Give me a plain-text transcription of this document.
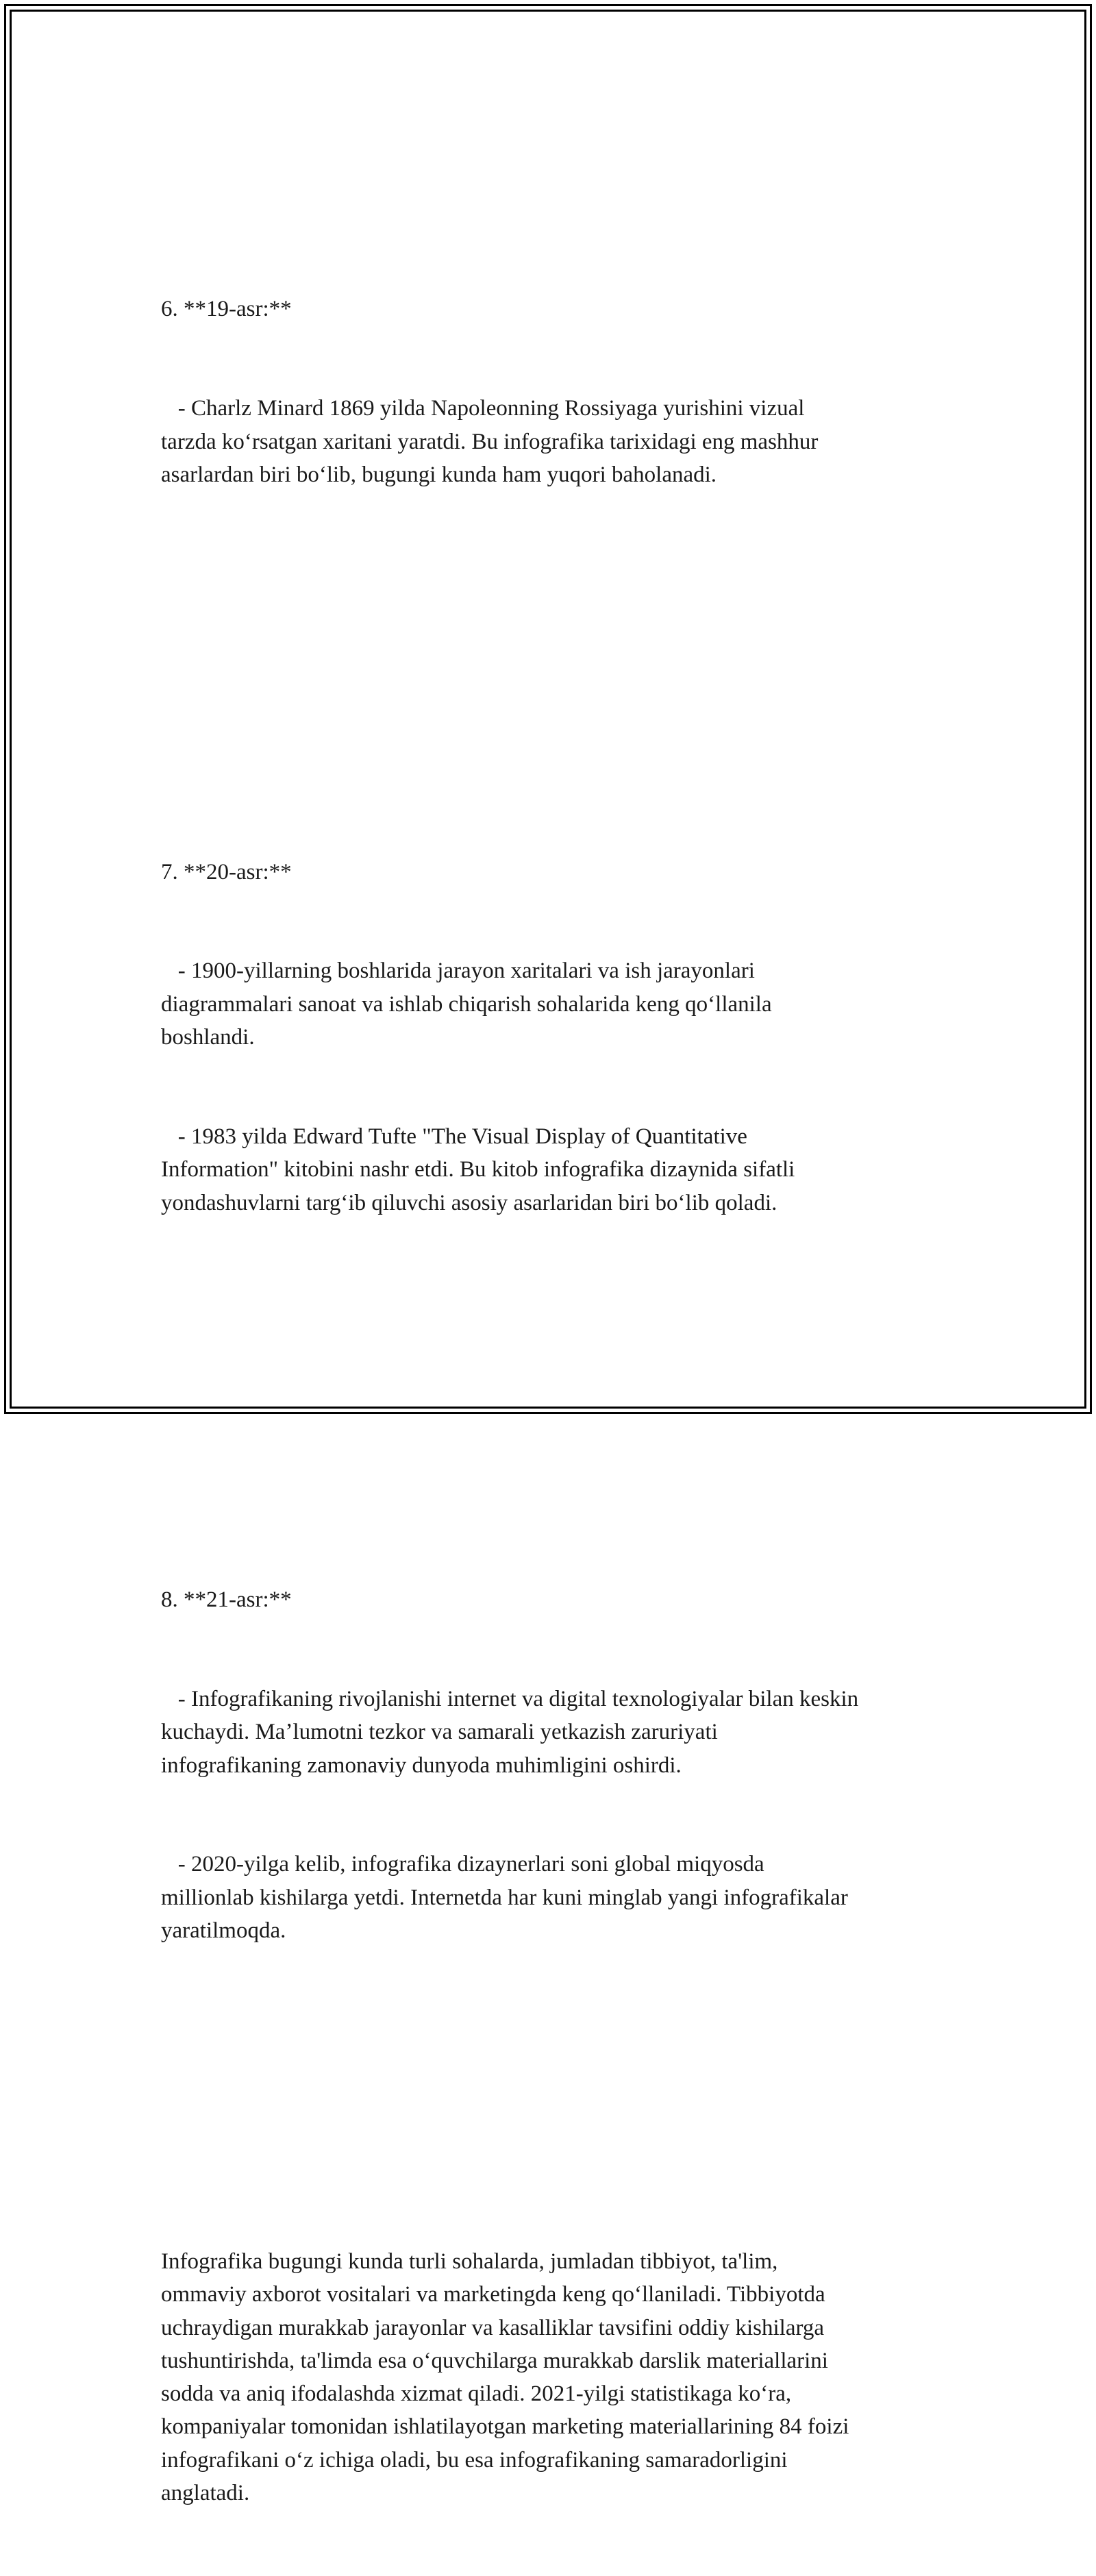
6. **19-asr:**

- Charlz Minard 1869 yilda Napoleonning Rossiyaga yurishini vizual
tarzda koʻrsatgan xaritani yaratdi. Bu infografika tarixidagi eng mashhur
asarlardan biri boʻlib, bugungi kunda ham yuqori baholanadi.

7. **20-asr:**

- 1900-yillarning boshlarida jarayon xaritalari va ish jarayonlari
diagrammalari sanoat va ishlab chiqarish sohalarida keng qoʻllanila
boshlandi.

- 1983 yilda Edward Tufte "The Visual Display of Quantitative
Information" kitobini nashr etdi. Bu kitob infografika dizaynida sifatli
yondashuvlarni targʻib qiluvchi asosiy asarlaridan biri boʻlib qoladi.

8. **21-asr:**

- Infografikaning rivojlanishi internet va digital texnologiyalar bilan keskin
kuchaydi. Maʼlumotni tezkor va samarali yetkazish zaruriyati
infografikaning zamonaviy dunyoda muhimligini oshirdi.

- 2020-yilga kelib, infografika dizaynerlari soni global miqyosda
millionlab kishilarga yetdi. Internetda har kuni minglab yangi infografikalar
yaratilmoqda.

Infografika bugungi kunda turli sohalarda, jumladan tibbiyot, ta'lim,
ommaviy axborot vositalari va marketingda keng qoʻllaniladi. Tibbiyotda
uchraydigan murakkab jarayonlar va kasalliklar tavsifini oddiy kishilarga
tushuntirishda, ta'limda esa oʻquvchilarga murakkab darslik materiallarini
sodda va aniq ifodalashda xizmat qiladi. 2021-yilgi statistikaga koʻra,
kompaniyalar tomonidan ishlatilayotgan marketing materiallarining 84 foizi
infografikani oʻz ichiga oladi, bu esa infografikaning samaradorligini
anglatadi.
